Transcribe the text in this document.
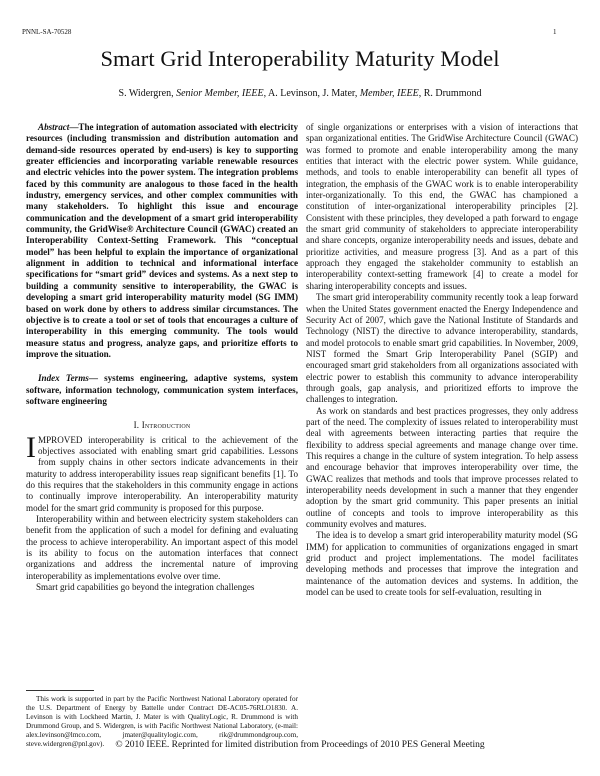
PNNL-SA-70528	1
Smart Grid Interoperability Maturity Model
S. Widergren, Senior Member, IEEE, A. Levinson, J. Mater, Member, IEEE, R. Drummond

Abstract—The integration of automation associated with electricity resources (including transmission and distribution automation and demand-side resources operated by end-users) is key to supporting greater efficiencies and incorporating variable renewable resources and electric vehicles into the power system. The integration problems faced by this community are analogous to those faced in the health industry, emergency services, and other complex communities with many stakeholders. To highlight this issue and encourage communication and the development of a smart grid interoperability community, the GridWise® Architecture Council (GWAC) created an Interoperability Context-Setting Framework. This “conceptual model” has been helpful to explain the importance of organizational alignment in addition to technical and informational interface specifications for “smart grid” devices and systems. As a next step to building a community sensitive to interoperability, the GWAC is developing a smart grid interoperability maturity model (SG IMM) based on work done by others to address similar circumstances. The objective is to create a tool or set of tools that encourages a culture of interoperability in this emerging community. The tools would measure status and progress, analyze gaps, and prioritize efforts to improve the situation.

Index Terms— systems engineering, adaptive systems, system software, information technology, communication system interfaces, software engineering

I. Introduction

IMPROVED interoperability is critical to the achievement of the objectives associated with enabling smart grid capabilities. Lessons from supply chains in other sectors indicate advancements in their maturity to address interoperability issues reap significant benefits [1]. To do this requires that the stakeholders in this community engage in actions to continually improve interoperability. An interoperability maturity model for the smart grid community is proposed for this purpose.

Interoperability within and between electricity system stakeholders can benefit from the application of such a model for defining and evaluating the process to achieve interoperability. An important aspect of this model is its ability to focus on the automation interfaces that connect organizations and address the incremental nature of improving interoperability as implementations evolve over time.

Smart grid capabilities go beyond the integration challenges

of single organizations or enterprises with a vision of interactions that span organizational entities. The GridWise Architecture Council (GWAC) was formed to promote and enable interoperability among the many entities that interact with the electric power system. While guidance, methods, and tools to enable interoperability can benefit all types of integration, the emphasis of the GWAC work is to enable interoperability inter-organizationally. To this end, the GWAC has championed a constitution of inter-organizational interoperability principles [2]. Consistent with these principles, they developed a path forward to engage the smart grid community of stakeholders to appreciate interoperability and share concepts, organize interoperability needs and issues, debate and prioritize activities, and measure progress [3]. And as a part of this approach they engaged the stakeholder community to establish an interoperability context-setting framework [4] to create a model for sharing interoperability concepts and issues.

The smart grid interoperability community recently took a leap forward when the United States government enacted the Energy Independence and Security Act of 2007, which gave the National Institute of Standards and Technology (NIST) the directive to advance interoperability, standards, and model protocols to enable smart grid capabilities. In November, 2009, NIST formed the Smart Grip Interoperability Panel (SGIP) and encouraged smart grid stakeholders from all organizations associated with electric power to establish this community to advance interoperability through goals, gap analysis, and prioritized efforts to improve the challenges to integration.

As work on standards and best practices progresses, they only address part of the need. The complexity of issues related to interoperability must deal with agreements between interacting parties that require the flexibility to address special agreements and manage change over time. This requires a change in the culture of system integration. To help assess and encourage behavior that improves interoperability over time, the GWAC realizes that methods and tools that improve processes related to interoperability needs development in such a manner that they engender adoption by the smart grid community. This paper presents an initial outline of concepts and tools to improve interoperability as this community evolves and matures.

The idea is to develop a smart grid interoperability maturity model (SG IMM) for application to communities of organizations engaged in smart grid product and project implementations. The model facilitates developing methods and processes that improve the integration and maintenance of the automation devices and systems. In addition, the model can be used to create tools for self-evaluation, resulting in

This work is supported in part by the Pacific Northwest National Laboratory operated for the U.S. Department of Energy by Battelle under Contract DE-AC05-76RLO1830. A. Levinson is with Lockheed Martin, J. Mater is with QualityLogic, R. Drummond is with Drummond Group, and S. Widergren, is with Pacific Northwest National Laboratory, (e-mail: alex.levinson@lmco.com, jmater@qualitylogic.com, rik@drummondgroup.com, steve.widergren@pnl.gov).	© 2010 IEEE. Reprinted for limited distribution from Proceedings of 2010 PES General Meeting
